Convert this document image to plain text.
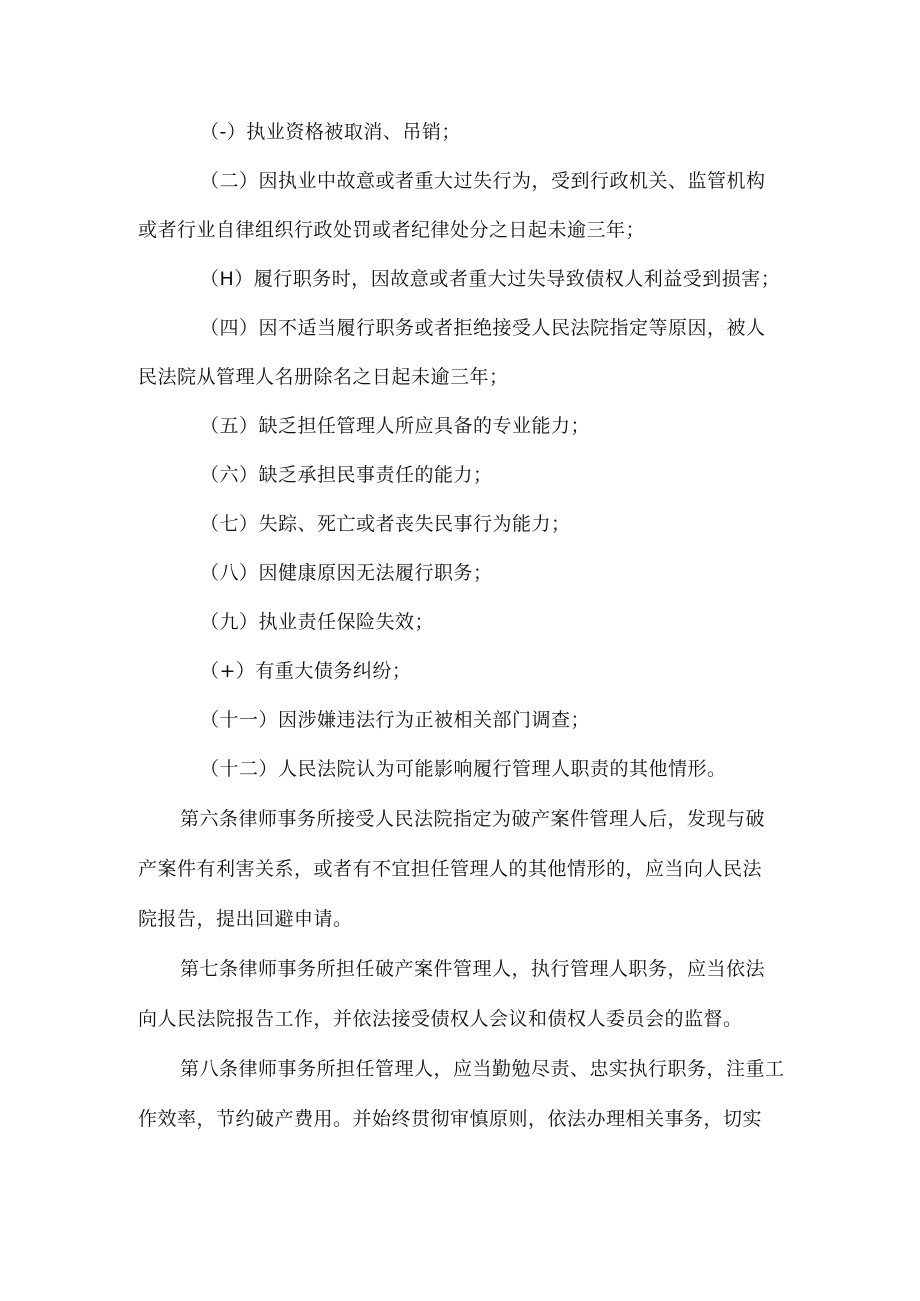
（-）执业资格被取消、吊销；
（二）因执业中故意或者重大过失行为，受到行政机关、监管机构
或者行业自律组织行政处罚或者纪律处分之日起未逾三年；
（H）履行职务时，因故意或者重大过失导致债权人利益受到损害；
（四）因不适当履行职务或者拒绝接受人民法院指定等原因，被人
民法院从管理人名册除名之日起未逾三年；
（五）缺乏担任管理人所应具备的专业能力；
（六）缺乏承担民事责任的能力；
（七）失踪、死亡或者丧失民事行为能力；
（八）因健康原因无法履行职务；
（九）执业责任保险失效；
（+）有重大债务纠纷；
（十一）因涉嫌违法行为正被相关部门调查；
（十二）人民法院认为可能影响履行管理人职责的其他情形。
第六条律师事务所接受人民法院指定为破产案件管理人后，发现与破
产案件有利害关系，或者有不宜担任管理人的其他情形的，应当向人民法
院报告，提出回避申请。
第七条律师事务所担任破产案件管理人，执行管理人职务，应当依法
向人民法院报告工作，并依法接受债权人会议和债权人委员会的监督。
第八条律师事务所担任管理人，应当勤勉尽责、忠实执行职务，注重工
作效率，节约破产费用。并始终贯彻审慎原则，依法办理相关事务，切实
